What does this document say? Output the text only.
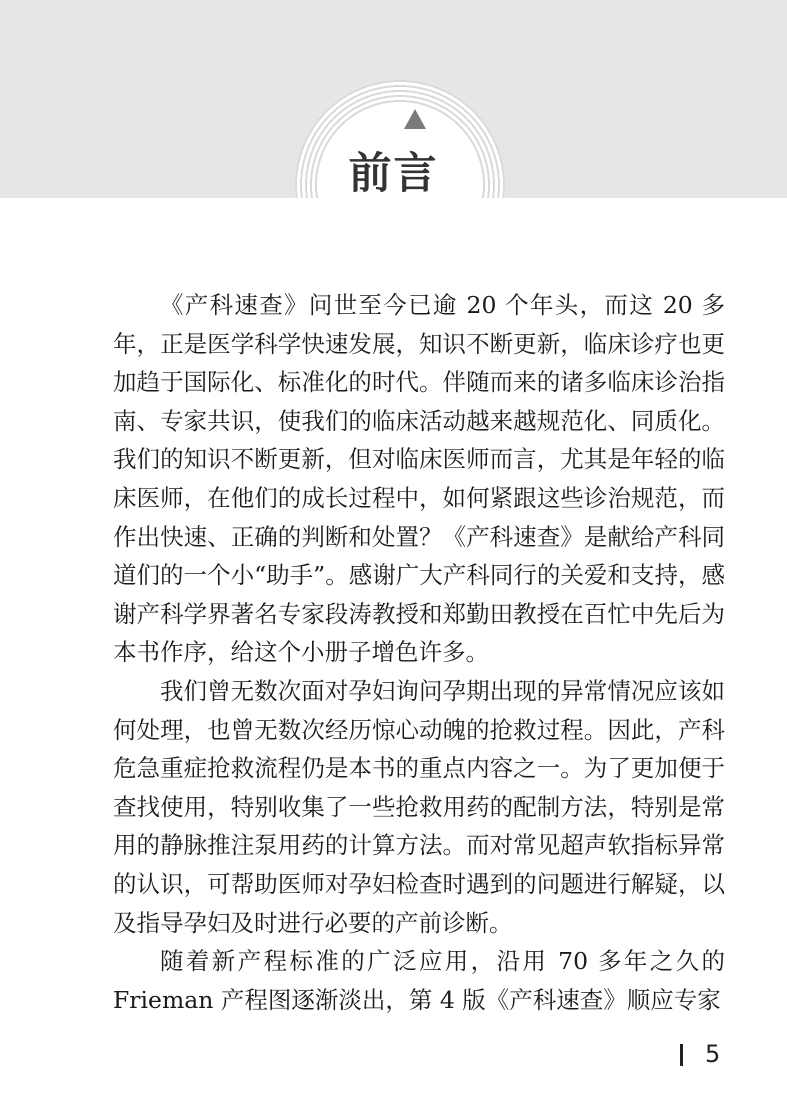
前言

《产科速查》问世至今已逾 20 个年头，而这 20 多年，正是医学科学快速发展，知识不断更新，临床诊疗也更加趋于国际化、标准化的时代。伴随而来的诸多临床诊治指南、专家共识，使我们的临床活动越来越规范化、同质化。我们的知识不断更新，但对临床医师而言，尤其是年轻的临床医师，在他们的成长过程中，如何紧跟这些诊治规范，而作出快速、正确的判断和处置？《产科速查》是献给产科同道们的一个小“助手”。感谢广大产科同行的关爱和支持，感谢产科学界著名专家段涛教授和郑勤田教授在百忙中先后为本书作序，给这个小册子增色许多。

我们曾无数次面对孕妇询问孕期出现的异常情况应该如何处理，也曾无数次经历惊心动魄的抢救过程。因此，产科危急重症抢救流程仍是本书的重点内容之一。为了更加便于查找使用，特别收集了一些抢救用药的配制方法，特别是常用的静脉推注泵用药的计算方法。而对常见超声软指标异常的认识，可帮助医师对孕妇检查时遇到的问题进行解疑，以及指导孕妇及时进行必要的产前诊断。

随着新产程标准的广泛应用，沿用 70 多年之久的 Frieman 产程图逐渐淡出，第 4 版《产科速查》顺应专家

5
